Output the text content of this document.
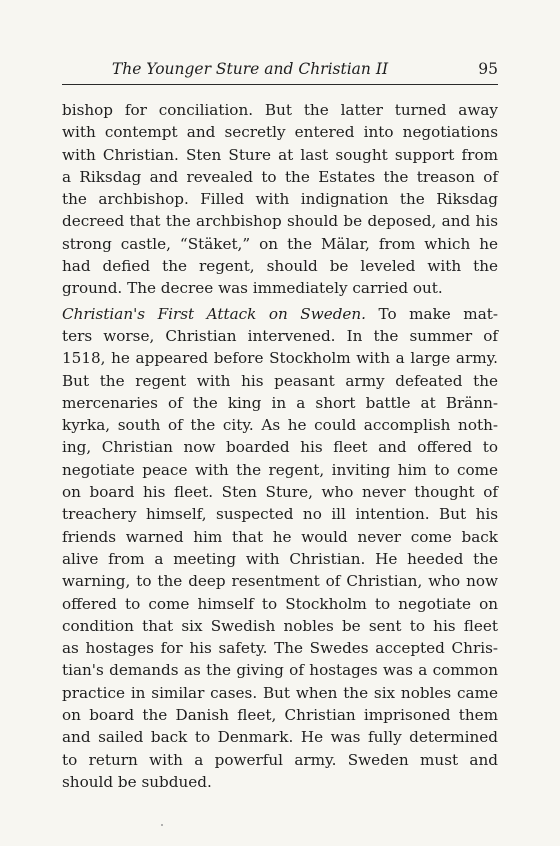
The Younger Sture and Christian II	95
bishop for conciliation. But the latter turned away
with contempt and secretly entered into negotiations
with Christian. Sten Sture at last sought support from
a Riksdag and revealed to the Estates the treason of
the archbishop. Filled with indignation the Riksdag
decreed that the archbishop should be deposed, and his
strong castle, “Stäket,” on the Mälar, from which he
had defied the regent, should be leveled with the
ground. The decree was immediately carried out.
Christian's First Attack on Sweden. To make mat-
ters worse, Christian intervened. In the summer of
1518, he appeared before Stockholm with a large army.
But the regent with his peasant army defeated the
mercenaries of the king in a short battle at Bränn-
kyrka, south of the city. As he could accomplish noth-
ing, Christian now boarded his fleet and offered to
negotiate peace with the regent, inviting him to come
on board his fleet. Sten Sture, who never thought of
treachery himself, suspected no ill intention. But his
friends warned him that he would never come back
alive from a meeting with Christian. He heeded the
warning, to the deep resentment of Christian, who now
offered to come himself to Stockholm to negotiate on
condition that six Swedish nobles be sent to his fleet
as hostages for his safety. The Swedes accepted Chris-
tian's demands as the giving of hostages was a common
practice in similar cases. But when the six nobles came
on board the Danish fleet, Christian imprisoned them
and sailed back to Denmark. He was fully determined
to return with a powerful army. Sweden must and
should be subdued.
